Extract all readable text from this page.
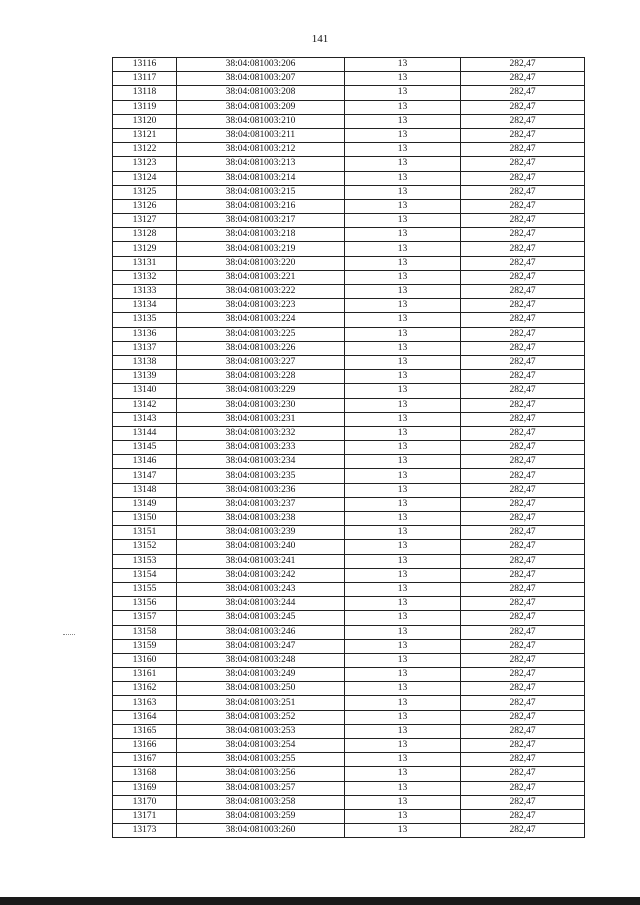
141
13116	38:04:081003:206	13	282,47
13117	38:04:081003:207	13	282,47
13118	38:04:081003:208	13	282,47
13119	38:04:081003:209	13	282,47
13120	38:04:081003:210	13	282,47
13121	38:04:081003:211	13	282,47
13122	38:04:081003:212	13	282,47
13123	38:04:081003:213	13	282,47
13124	38:04:081003:214	13	282,47
13125	38:04:081003:215	13	282,47
13126	38:04:081003:216	13	282,47
13127	38:04:081003:217	13	282,47
13128	38:04:081003:218	13	282,47
13129	38:04:081003:219	13	282,47
13131	38:04:081003:220	13	282,47
13132	38:04:081003:221	13	282,47
13133	38:04:081003:222	13	282,47
13134	38:04:081003:223	13	282,47
13135	38:04:081003:224	13	282,47
13136	38:04:081003:225	13	282,47
13137	38:04:081003:226	13	282,47
13138	38:04:081003:227	13	282,47
13139	38:04:081003:228	13	282,47
13140	38:04:081003:229	13	282,47
13142	38:04:081003:230	13	282,47
13143	38:04:081003:231	13	282,47
13144	38:04:081003:232	13	282,47
13145	38:04:081003:233	13	282,47
13146	38:04:081003:234	13	282,47
13147	38:04:081003:235	13	282,47
13148	38:04:081003:236	13	282,47
13149	38:04:081003:237	13	282,47
13150	38:04:081003:238	13	282,47
13151	38:04:081003:239	13	282,47
13152	38:04:081003:240	13	282,47
13153	38:04:081003:241	13	282,47
13154	38:04:081003:242	13	282,47
13155	38:04:081003:243	13	282,47
13156	38:04:081003:244	13	282,47
13157	38:04:081003:245	13	282,47
13158	38:04:081003:246	13	282,47
13159	38:04:081003:247	13	282,47
13160	38:04:081003:248	13	282,47
13161	38:04:081003:249	13	282,47
13162	38:04:081003:250	13	282,47
13163	38:04:081003:251	13	282,47
13164	38:04:081003:252	13	282,47
13165	38:04:081003:253	13	282,47
13166	38:04:081003:254	13	282,47
13167	38:04:081003:255	13	282,47
13168	38:04:081003:256	13	282,47
13169	38:04:081003:257	13	282,47
13170	38:04:081003:258	13	282,47
13171	38:04:081003:259	13	282,47
13173	38:04:081003:260	13	282,47
